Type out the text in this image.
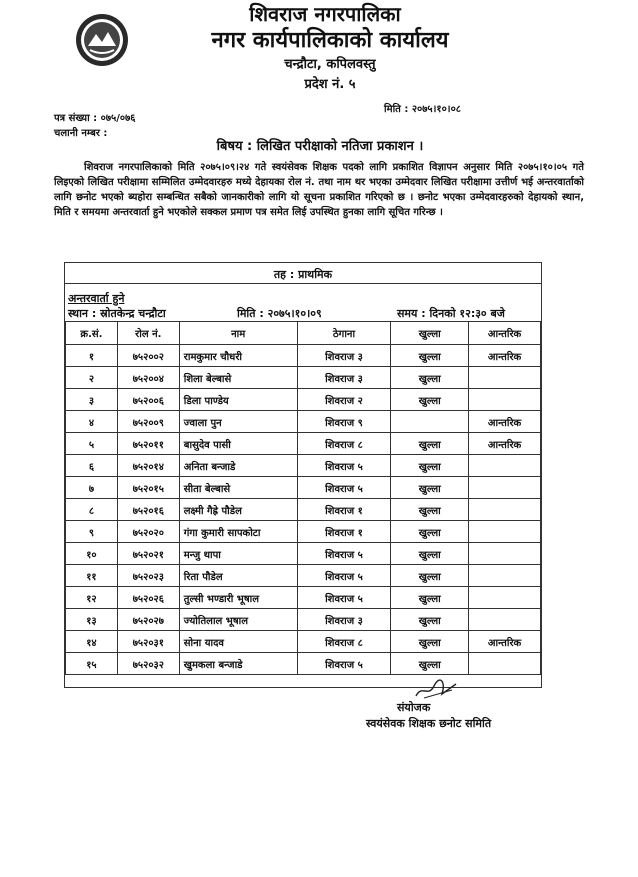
शिवराज नगरपालिका
नगर कार्यपालिकाको कार्यालय
चन्द्रौटा, कपिलवस्तु
प्रदेश नं. ५
पत्र संख्या : ०७५/०७६
चलानी नम्बर :
मिति : २०७५।१०।०८
बिषय : लिखित परीक्षाको नतिजा प्रकाशन ।
शिवराज नगरपालिकाको मिति २०७५।०९।२४ गते स्वयंसेवक शिक्षक पदको लागि प्रकाशित विज्ञापन अनुसार मिति २०७५।१०।०५ गते लिइएको लिखित परीक्षामा सम्मिलित उम्मेदवारहरु मध्ये देहायका रोल नं. तथा नाम थर भएका उम्मेदवार लिखित परीक्षामा उत्तीर्ण भई अन्तरवार्ताको लागि छनोट भएको ब्यहोरा सम्बन्धित सबैको जानकारीको लागि यो सूचना प्रकाशित गरिएको छ । छनोट भएका उम्मेदवारहरुको देहायको स्थान, मिति र समयमा अन्तरवार्ता हुने भएकोले सक्कल प्रमाण पत्र समेत लिई उपस्थित हुनका लागि सूचित गरिन्छ ।
तह : प्राथमिक
अन्तरवार्ता हुने
स्थान : स्रोतकेन्द्र चन्द्रौटा	मिति : २०७५।१०।०९	समय : दिनको १२:३० बजे
क्र.सं.	रोल नं.	नाम	ठेगाना	खुल्ला	आन्तरिक
१	७५२००२	रामकुमार चौधरी	शिवराज ३	खुल्ला	आन्तरिक
२	७५२००४	शिला बेल्बासे	शिवराज ३	खुल्ला	
३	७५२००६	डिला पाण्डेय	शिवराज २	खुल्ला	
४	७५२००९	ज्वाला पुन	शिवराज ९		आन्तरिक
५	७५२०११	बासुदेव पासी	शिवराज ८	खुल्ला	आन्तरिक
६	७५२०१४	अनिता बन्जाडे	शिवराज ५	खुल्ला	
७	७५२०१५	सीता बेल्बासे	शिवराज ५	खुल्ला	
८	७५२०१६	लक्ष्मी गैह्रे पौडेल	शिवराज १	खुल्ला	
९	७५२०२०	गंगा कुमारी सापकोटा	शिवराज १	खुल्ला	
१०	७५२०२१	मन्जु थापा	शिवराज ५	खुल्ला	
११	७५२०२३	रिता पौडेल	शिवराज ५	खुल्ला	
१२	७५२०२६	तुल्सी भण्डारी भूषाल	शिवराज ५	खुल्ला	
१३	७५२०२७	ज्योतिलाल भूषाल	शिवराज ३	खुल्ला	
१४	७५२०३१	सोना यादव	शिवराज ८	खुल्ला	आन्तरिक
१५	७५२०३२	खुमकला बन्जाडे	शिवराज ५	खुल्ला	
संयोजक
स्वयंसेवक शिक्षक छनोट समिति
